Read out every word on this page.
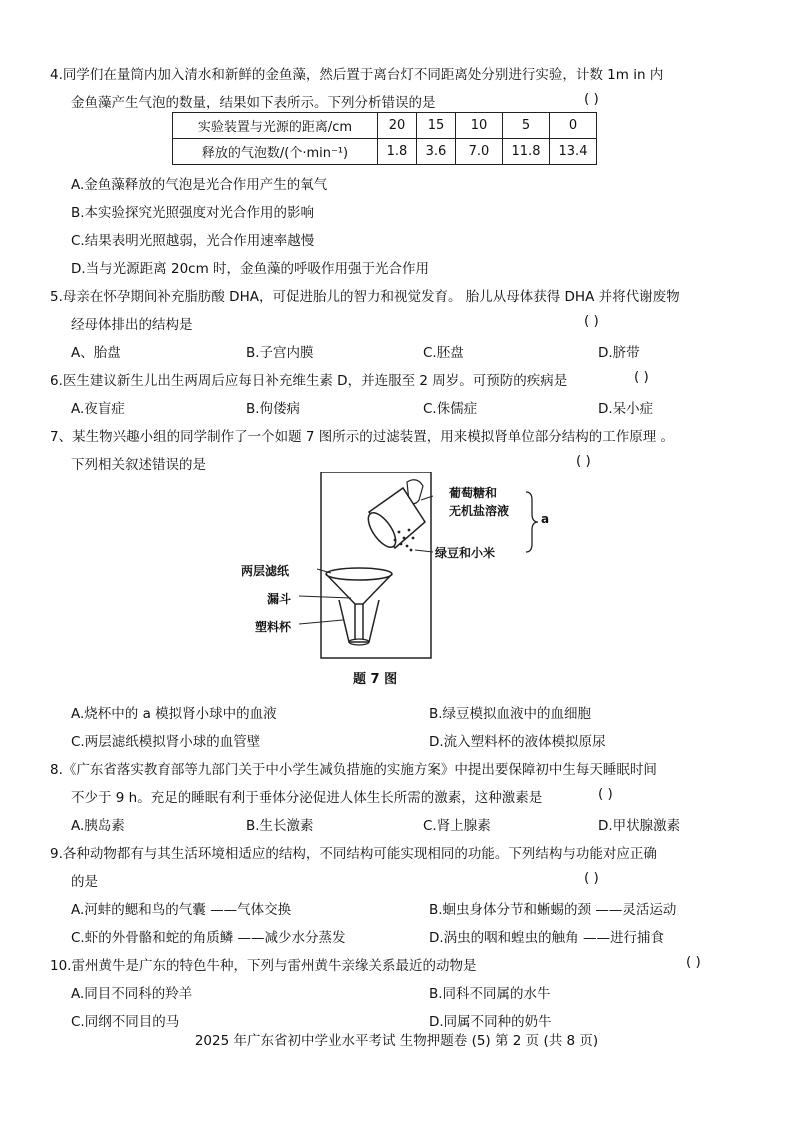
4.同学们在量筒内加入清水和新鲜的金鱼藻，然后置于离台灯不同距离处分别进行实验，计数 1m in 内
金鱼藻产生气泡的数量，结果如下表所示。下列分析错误的是	( )
实验装置与光源的距离/cm	20	15	10	5	0
释放的气泡数/(个·min⁻¹)	1.8	3.6	7.0	11.8	13.4
A.金鱼藻释放的气泡是光合作用产生的氧气
B.本实验探究光照强度对光合作用的影响
C.结果表明光照越弱，光合作用速率越慢
D.当与光源距离 20cm 时，金鱼藻的呼吸作用强于光合作用
5.母亲在怀孕期间补充脂肪酸 DHA，可促进胎儿的智力和视觉发育。 胎儿从母体获得 DHA 并将代谢废物
经母体排出的结构是	( )
A、胎盘	B.子宫内膜	C.胚盘	D.脐带
6.医生建议新生儿出生两周后应每日补充维生素 D，并连服至 2 周岁。可预防的疾病是	( )
A.夜盲症	B.佝偻病	C.侏儒症	D.呆小症
7、某生物兴趣小组的同学制作了一个如题 7 图所示的过滤装置，用来模拟肾单位部分结构的工作原理 。
下列相关叙述错误的是	( )
葡萄糖和
无机盐溶液
绿豆和小米
a
两层滤纸
漏斗
塑料杯
题 7 图
A.烧杯中的 a 模拟肾小球中的血液	B.绿豆模拟血液中的血细胞
C.两层滤纸模拟肾小球的血管壁	D.流入塑料杯的液体模拟原尿
8.《广东省落实教育部等九部门关于中小学生减负措施的实施方案》中提出要保障初中生每天睡眠时间
不少于 9 h。充足的睡眠有利于垂体分泌促进人体生长所需的激素，这种激素是	( )
A.胰岛素	B.生长激素	C.肾上腺素	D.甲状腺激素
9.各种动物都有与其生活环境相适应的结构，不同结构可能实现相同的功能。下列结构与功能对应正确
的是	( )
A.河蚌的鳃和鸟的气囊 ——气体交换	B.蛔虫身体分节和蜥蜴的颈 ——灵活运动
C.虾的外骨骼和蛇的角质鳞 ——减少水分蒸发	D.涡虫的咽和蝗虫的触角 ——进行捕食
10.雷州黄牛是广东的特色牛种，下列与雷州黄牛亲缘关系最近的动物是	( )
A.同目不同科的羚羊	B.同科不同属的水牛
C.同纲不同目的马	D.同属不同种的奶牛
2025 年广东省初中学业水平考试 生物押题卷 (5) 第 2 页 (共 8 页)
